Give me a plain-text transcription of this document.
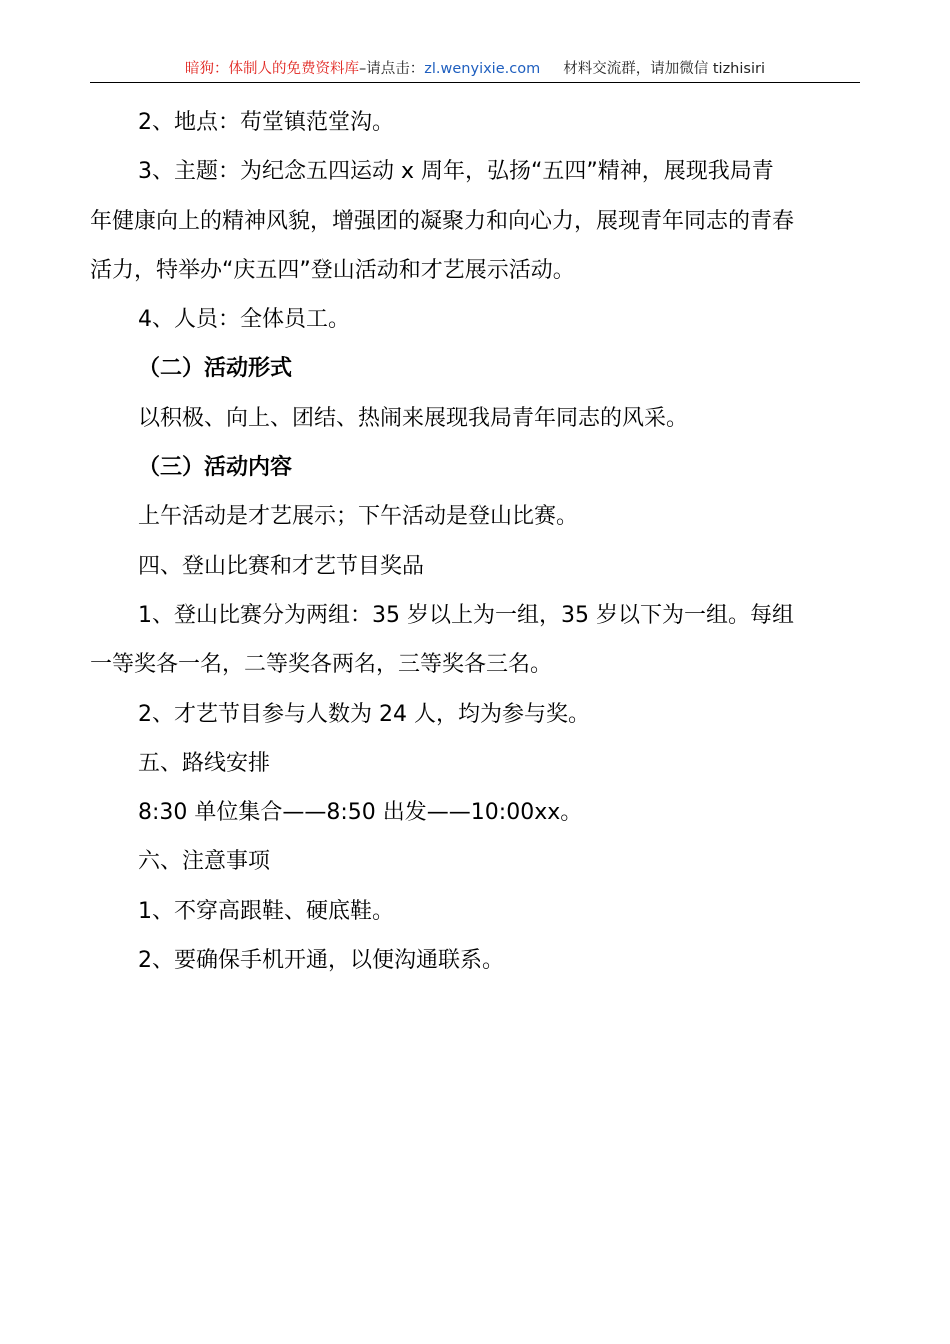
暗狗：体制人的免费资料库–请点击：zl.wenyixie.com 材料交流群，请加微信 tizhisiri

2、地点：苟堂镇范堂沟。

3、主题：为纪念五四运动 x 周年，弘扬“五四”精神，展现我局青

年健康向上的精神风貌，增强团的凝聚力和向心力，展现青年同志的青春

活力，特举办“庆五四”登山活动和才艺展示活动。

4、人员：全体员工。

（二）活动形式

以积极、向上、团结、热闹来展现我局青年同志的风采。

（三）活动内容

上午活动是才艺展示；下午活动是登山比赛。

四、登山比赛和才艺节目奖品

1、登山比赛分为两组：35 岁以上为一组，35 岁以下为一组。每组

一等奖各一名，二等奖各两名，三等奖各三名。

2、才艺节目参与人数为 24 人，均为参与奖。

五、路线安排

8:30 单位集合——8:50 出发——10:00xx。

六、注意事项

1、不穿高跟鞋、硬底鞋。

2、要确保手机开通，以便沟通联系。
